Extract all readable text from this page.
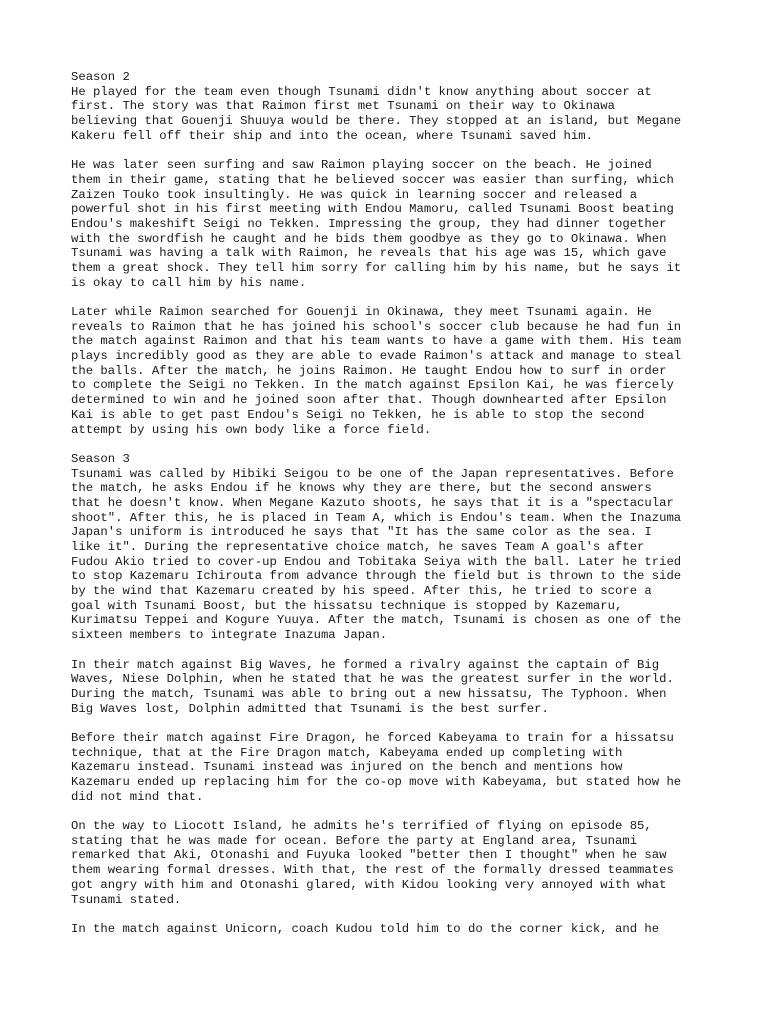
Season 2
He played for the team even though Tsunami didn't know anything about soccer at
first. The story was that Raimon first met Tsunami on their way to Okinawa
believing that Gouenji Shuuya would be there. They stopped at an island, but Megane
Kakeru fell off their ship and into the ocean, where Tsunami saved him.
He was later seen surfing and saw Raimon playing soccer on the beach. He joined
them in their game, stating that he believed soccer was easier than surfing, which
Zaizen Touko took insultingly. He was quick in learning soccer and released a
powerful shot in his first meeting with Endou Mamoru, called Tsunami Boost beating
Endou's makeshift Seigi no Tekken. Impressing the group, they had dinner together
with the swordfish he caught and he bids them goodbye as they go to Okinawa. When
Tsunami was having a talk with Raimon, he reveals that his age was 15, which gave
them a great shock. They tell him sorry for calling him by his name, but he says it
is okay to call him by his name.
Later while Raimon searched for Gouenji in Okinawa, they meet Tsunami again. He
reveals to Raimon that he has joined his school's soccer club because he had fun in
the match against Raimon and that his team wants to have a game with them. His team
plays incredibly good as they are able to evade Raimon's attack and manage to steal
the balls. After the match, he joins Raimon. He taught Endou how to surf in order
to complete the Seigi no Tekken. In the match against Epsilon Kai, he was fiercely
determined to win and he joined soon after that. Though downhearted after Epsilon
Kai is able to get past Endou's Seigi no Tekken, he is able to stop the second
attempt by using his own body like a force field.
Season 3
Tsunami was called by Hibiki Seigou to be one of the Japan representatives. Before
the match, he asks Endou if he knows why they are there, but the second answers
that he doesn't know. When Megane Kazuto shoots, he says that it is a "spectacular
shoot". After this, he is placed in Team A, which is Endou's team. When the Inazuma
Japan's uniform is introduced he says that "It has the same color as the sea. I
like it". During the representative choice match, he saves Team A goal's after
Fudou Akio tried to cover-up Endou and Tobitaka Seiya with the ball. Later he tried
to stop Kazemaru Ichirouta from advance through the field but is thrown to the side
by the wind that Kazemaru created by his speed. After this, he tried to score a
goal with Tsunami Boost, but the hissatsu technique is stopped by Kazemaru,
Kurimatsu Teppei and Kogure Yuuya. After the match, Tsunami is chosen as one of the
sixteen members to integrate Inazuma Japan.
In their match against Big Waves, he formed a rivalry against the captain of Big
Waves, Niese Dolphin, when he stated that he was the greatest surfer in the world.
During the match, Tsunami was able to bring out a new hissatsu, The Typhoon. When
Big Waves lost, Dolphin admitted that Tsunami is the best surfer.
Before their match against Fire Dragon, he forced Kabeyama to train for a hissatsu
technique, that at the Fire Dragon match, Kabeyama ended up completing with
Kazemaru instead. Tsunami instead was injured on the bench and mentions how
Kazemaru ended up replacing him for the co-op move with Kabeyama, but stated how he
did not mind that.
On the way to Liocott Island, he admits he's terrified of flying on episode 85,
stating that he was made for ocean. Before the party at England area, Tsunami
remarked that Aki, Otonashi and Fuyuka looked "better then I thought" when he saw
them wearing formal dresses. With that, the rest of the formally dressed teammates
got angry with him and Otonashi glared, with Kidou looking very annoyed with what
Tsunami stated.
In the match against Unicorn, coach Kudou told him to do the corner kick, and he
